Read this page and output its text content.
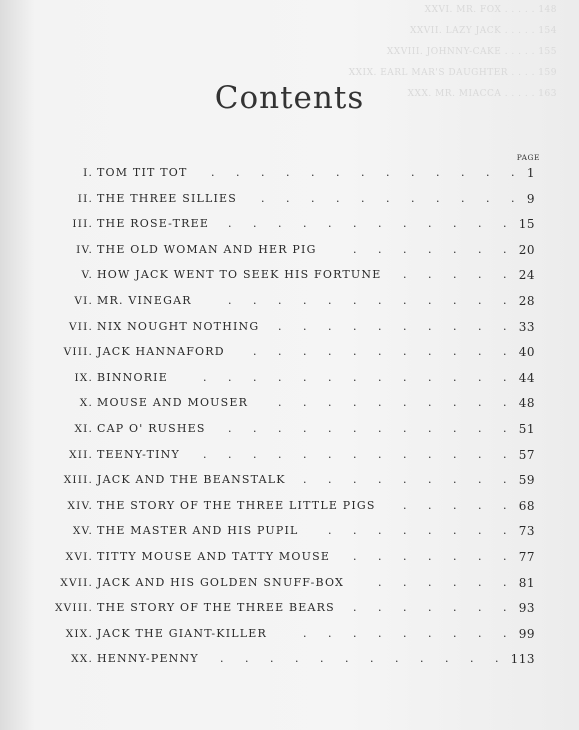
XXVI. MR. FOX . . . . . 148
XXVII. LAZY JACK . . . . . 154
XXVIII. JOHNNY-CAKE . . . . . 155
XXIX. EARL MAR'S DAUGHTER . . . . 159
XXX. MR. MIACCA . . . . . 163
Contents
PAGE
I. TOM TIT TOT	1
.
.
.
.
.
.
.
.
.
.
.
.
.
II. THE THREE SILLIES	9
.
.
.
.
.
.
.
.
.
.
.
III. THE ROSE-TREE	15
.
.
.
.
.
.
.
.
.
.
.
.
IV. THE OLD WOMAN AND HER PIG	20
.
.
.
.
.
.
.
V. HOW JACK WENT TO SEEK HIS FORTUNE	24
.
.
.
.
.
VI. MR. VINEGAR	28
.
.
.
.
.
.
.
.
.
.
.
.
VII. NIX NOUGHT NOTHING	33
.
.
.
.
.
.
.
.
.
.
VIII. JACK HANNAFORD	40
.
.
.
.
.
.
.
.
.
.
.
IX. BINNORIE	44
.
.
.
.
.
.
.
.
.
.
.
.
.
X. MOUSE AND MOUSER	48
.
.
.
.
.
.
.
.
.
.
XI. CAP O' RUSHES	51
.
.
.
.
.
.
.
.
.
.
.
.
XII. TEENY-TINY	57
.
.
.
.
.
.
.
.
.
.
.
.
.
XIII. JACK AND THE BEANSTALK	59
.
.
.
.
.
.
.
.
.
XIV. THE STORY OF THE THREE LITTLE PIGS	68
.
.
.
.
.
XV. THE MASTER AND HIS PUPIL	73
.
.
.
.
.
.
.
.
XVI. TITTY MOUSE AND TATTY MOUSE	77
.
.
.
.
.
.
.
XVII. JACK AND HIS GOLDEN SNUFF-BOX	81
.
.
.
.
.
.
XVIII. THE STORY OF THE THREE BEARS	93
.
.
.
.
.
.
.
XIX. JACK THE GIANT-KILLER	99
.
.
.
.
.
.
.
.
.
XX. HENNY-PENNY	113
.
.
.
.
.
.
.
.
.
.
.
.
